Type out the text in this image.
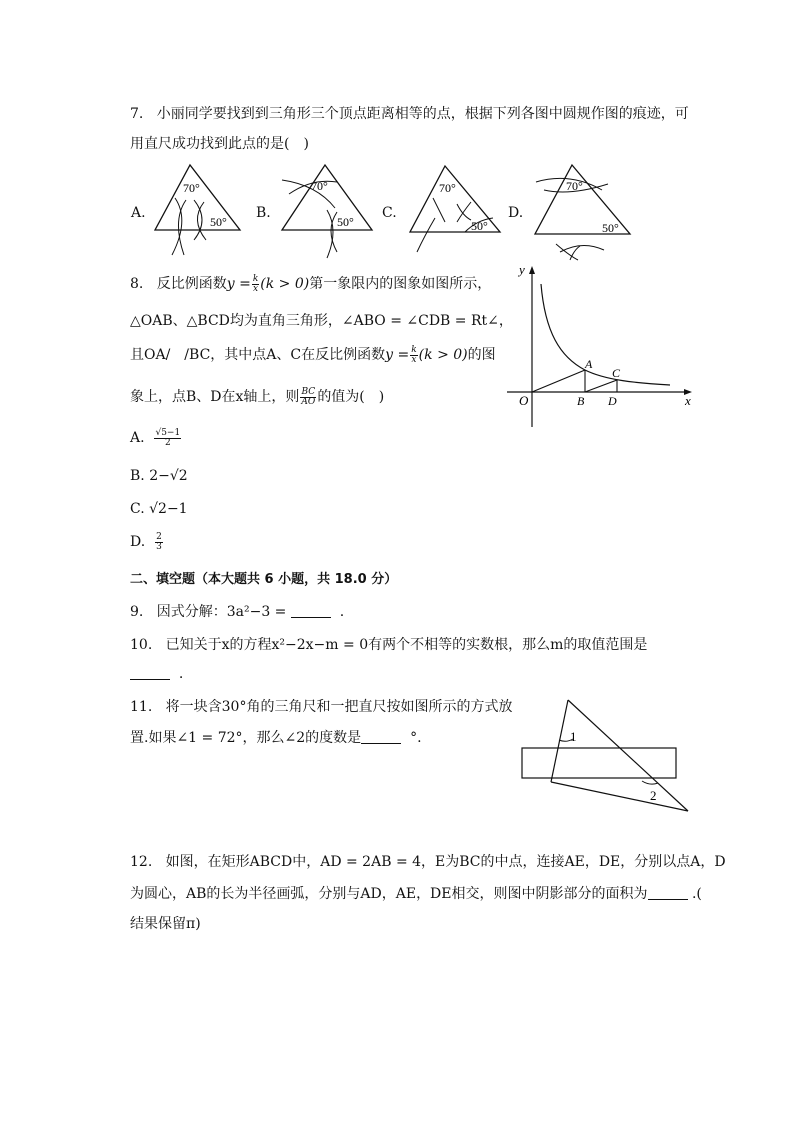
7. 小丽同学要找到到三角形三个顶点距离相等的点，根据下列各图中圆规作图的痕迹，可
用直尺成功找到此点的是(　)
A.	B.	C.	D.
70°
50°
70°
50°
70°
50°
70°
50°
8. 反比例函数$y = \frac{k}{x} (k > 0)$第一象限内的图象如图所示，
△OAB、△BCD均为直角三角形，∠ABO = ∠CDB = Rt∠，
且OA/　/BC，其中点A、C在反比例函数$y = \frac{k}{x} (k > 0)$的图
象上，点B、D在x轴上，则 $\frac{BC}{AO}$ 的值为(　)
A. $\frac{√5-1}{2}$
B. 2−√2
C. √2−1
D. $\frac{2}{3}$
y
x
O
A
B
C
D
二、填空题（本大题共 6 小题，共 18.0 分）
9. 因式分解：3a²−3 =	.
10. 已知关于x的方程x²−2x−m = 0有两个不相等的实数根，那么m的取值范围是
.
11. 将一块含30°角的三角尺和一把直尺按如图所示的方式放
置.如果∠1 = 72°，那么∠2的度数是	°.	1
2
12. 如图，在矩形ABCD中，AD = 2AB = 4，E为BC的中点，连接AE，DE，分别以点A，D
为圆心，AB的长为半径画弧，分别与AD，AE，DE相交，则图中阴影部分的面积为	.(
结果保留π)
